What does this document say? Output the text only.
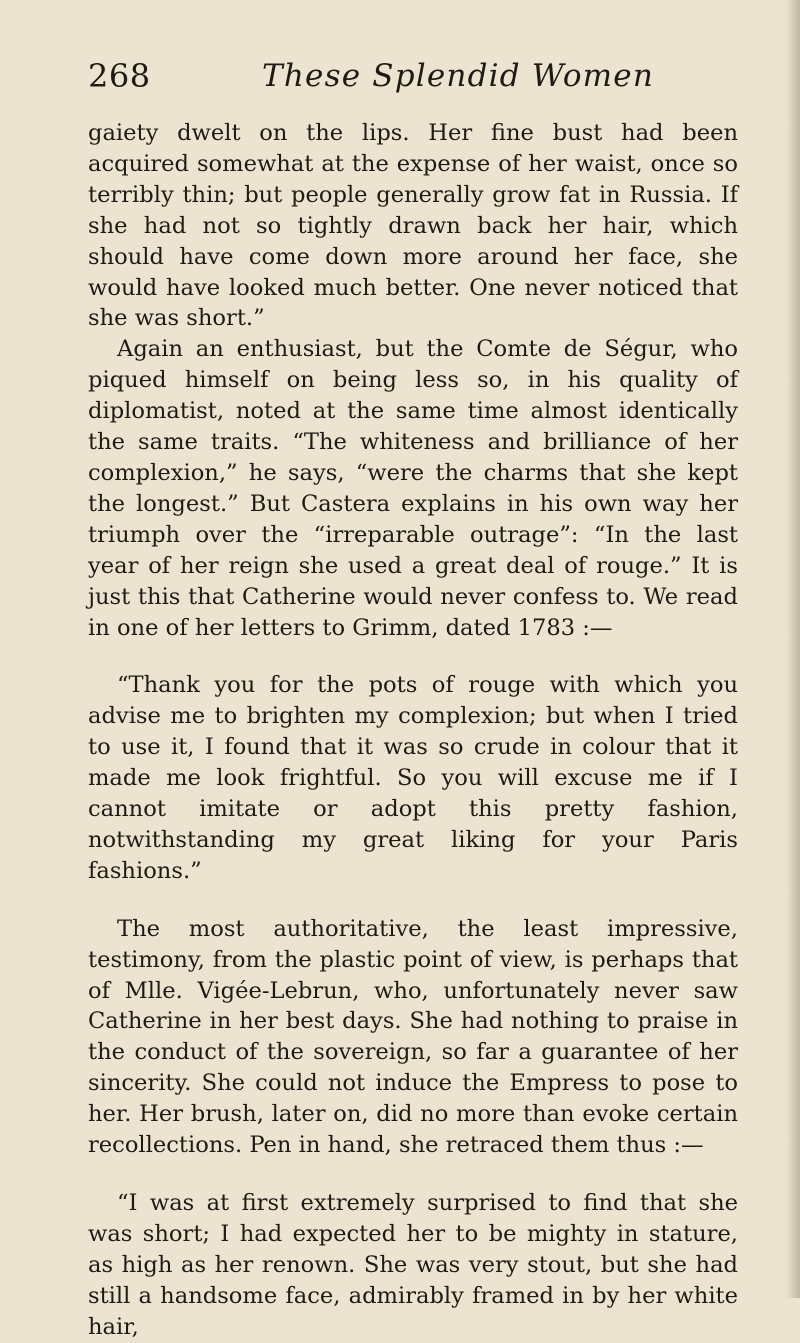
268	These Splendid Women

gaiety dwelt on the lips. Her fine bust had been acquired somewhat at the expense of her waist, once so terribly thin; but people generally grow fat in Russia. If she had not so tightly drawn back her hair, which should have come down more around her face, she would have looked much better. One never noticed that she was short.”

Again an enthusiast, but the Comte de Ségur, who piqued himself on being less so, in his quality of diplomatist, noted at the same time almost identically the same traits. “The whiteness and brilliance of her complexion,” he says, “were the charms that she kept the longest.” But Castera explains in his own way her triumph over the “irreparable outrage”: “In the last year of her reign she used a great deal of rouge.” It is just this that Catherine would never confess to. We read in one of her letters to Grimm, dated 1783 :—

“Thank you for the pots of rouge with which you advise me to brighten my complexion; but when I tried to use it, I found that it was so crude in colour that it made me look frightful. So you will excuse me if I cannot imitate or adopt this pretty fashion, notwithstanding my great liking for your Paris fashions.”

The most authoritative, the least impressive, testimony, from the plastic point of view, is perhaps that of Mlle. Vigée-Lebrun, who, unfortunately never saw Catherine in her best days. She had nothing to praise in the conduct of the sovereign, so far a guarantee of her sincerity. She could not induce the Empress to pose to her. Her brush, later on, did no more than evoke certain recollections. Pen in hand, she retraced them thus :—

“I was at first extremely surprised to find that she was short; I had expected her to be mighty in stature, as high as her renown. She was very stout, but she had still a handsome face, admirably framed in by her white hair,
